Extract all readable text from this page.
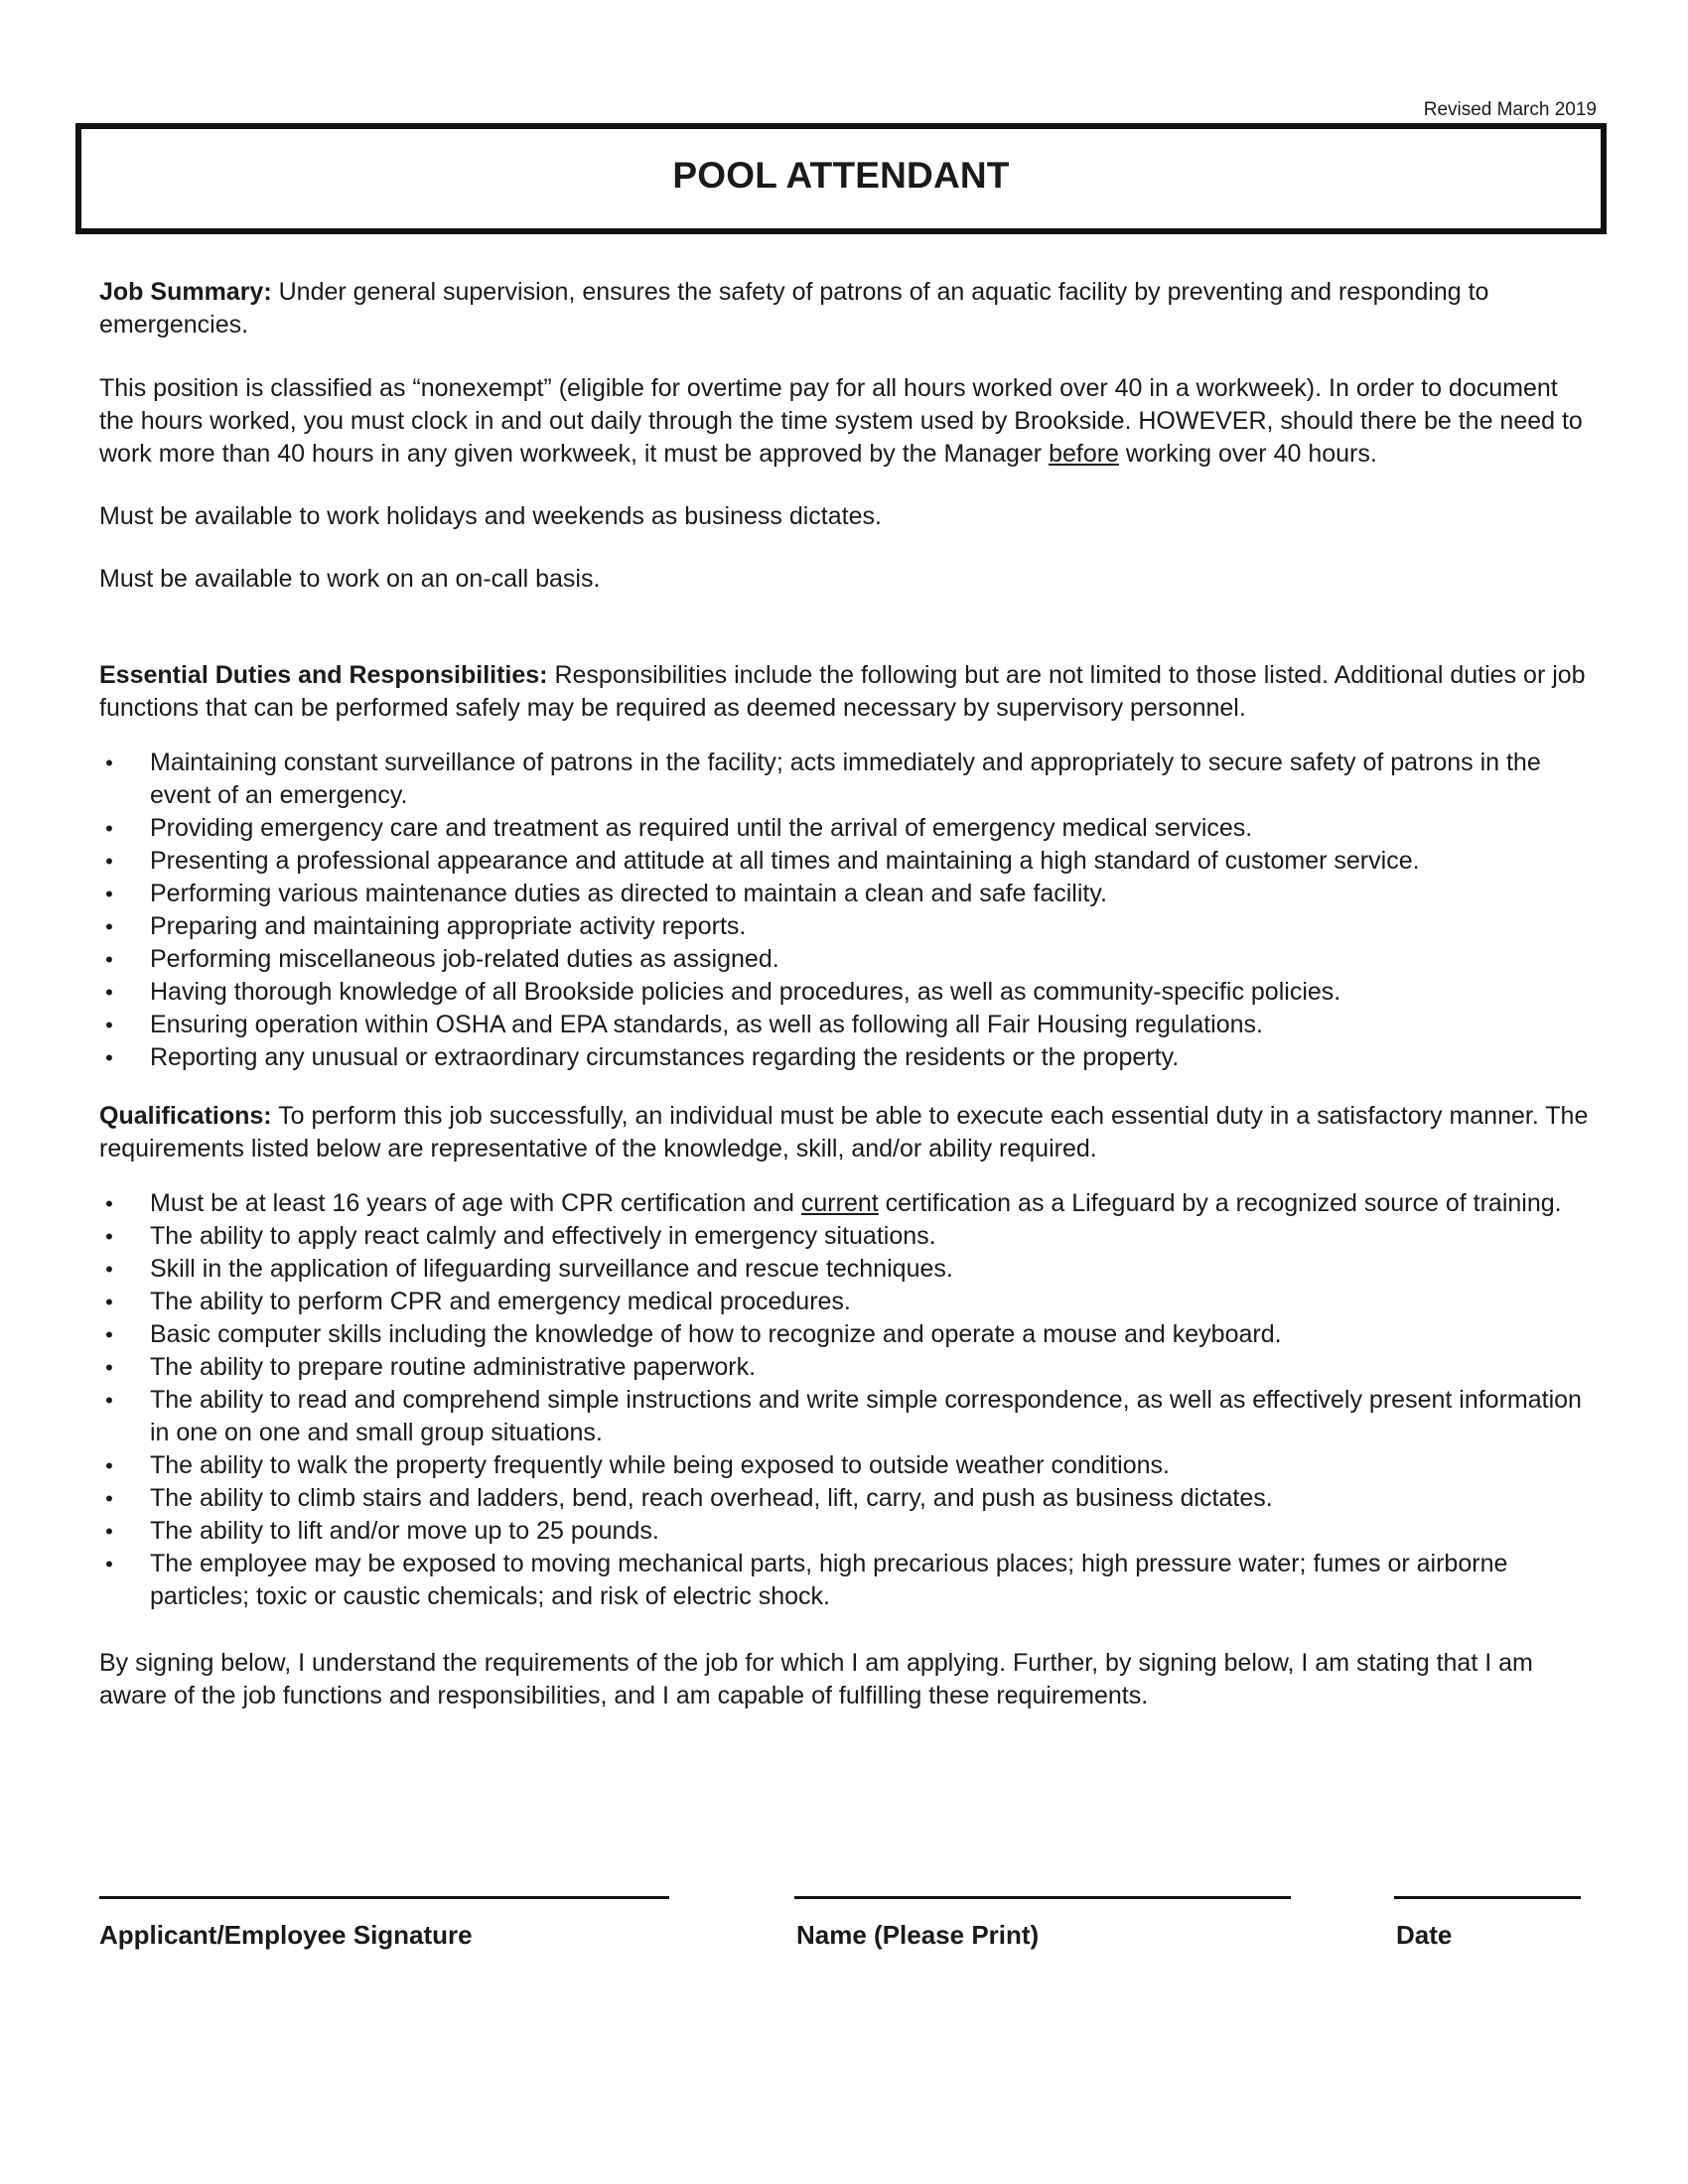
Revised March 2019
POOL ATTENDANT

Job Summary: Under general supervision, ensures the safety of patrons of an aquatic facility by preventing and responding to emergencies.

This position is classified as “nonexempt” (eligible for overtime pay for all hours worked over 40 in a workweek). In order to document the hours worked, you must clock in and out daily through the time system used by Brookside. HOWEVER, should there be the need to work more than 40 hours in any given workweek, it must be approved by the Manager before working over 40 hours.

Must be available to work holidays and weekends as business dictates.

Must be available to work on an on-call basis.

Essential Duties and Responsibilities: Responsibilities include the following but are not limited to those listed. Additional duties or job functions that can be performed safely may be required as deemed necessary by supervisory personnel.

• Maintaining constant surveillance of patrons in the facility; acts immediately and appropriately to secure safety of patrons in the event of an emergency.
• Providing emergency care and treatment as required until the arrival of emergency medical services.
• Presenting a professional appearance and attitude at all times and maintaining a high standard of customer service.
• Performing various maintenance duties as directed to maintain a clean and safe facility.
• Preparing and maintaining appropriate activity reports.
• Performing miscellaneous job-related duties as assigned.
• Having thorough knowledge of all Brookside policies and procedures, as well as community-specific policies.
• Ensuring operation within OSHA and EPA standards, as well as following all Fair Housing regulations.
• Reporting any unusual or extraordinary circumstances regarding the residents or the property.

Qualifications: To perform this job successfully, an individual must be able to execute each essential duty in a satisfactory manner. The requirements listed below are representative of the knowledge, skill, and/or ability required.

• Must be at least 16 years of age with CPR certification and current certification as a Lifeguard by a recognized source of training.
• The ability to apply react calmly and effectively in emergency situations.
• Skill in the application of lifeguarding surveillance and rescue techniques.
• The ability to perform CPR and emergency medical procedures.
• Basic computer skills including the knowledge of how to recognize and operate a mouse and keyboard.
• The ability to prepare routine administrative paperwork.
• The ability to read and comprehend simple instructions and write simple correspondence, as well as effectively present information in one on one and small group situations.
• The ability to walk the property frequently while being exposed to outside weather conditions.
• The ability to climb stairs and ladders, bend, reach overhead, lift, carry, and push as business dictates.
• The ability to lift and/or move up to 25 pounds.
• The employee may be exposed to moving mechanical parts, high precarious places; high pressure water; fumes or airborne particles; toxic or caustic chemicals; and risk of electric shock.

By signing below, I understand the requirements of the job for which I am applying. Further, by signing below, I am stating that I am aware of the job functions and responsibilities, and I am capable of fulfilling these requirements.

Applicant/Employee Signature	Name (Please Print)	Date
